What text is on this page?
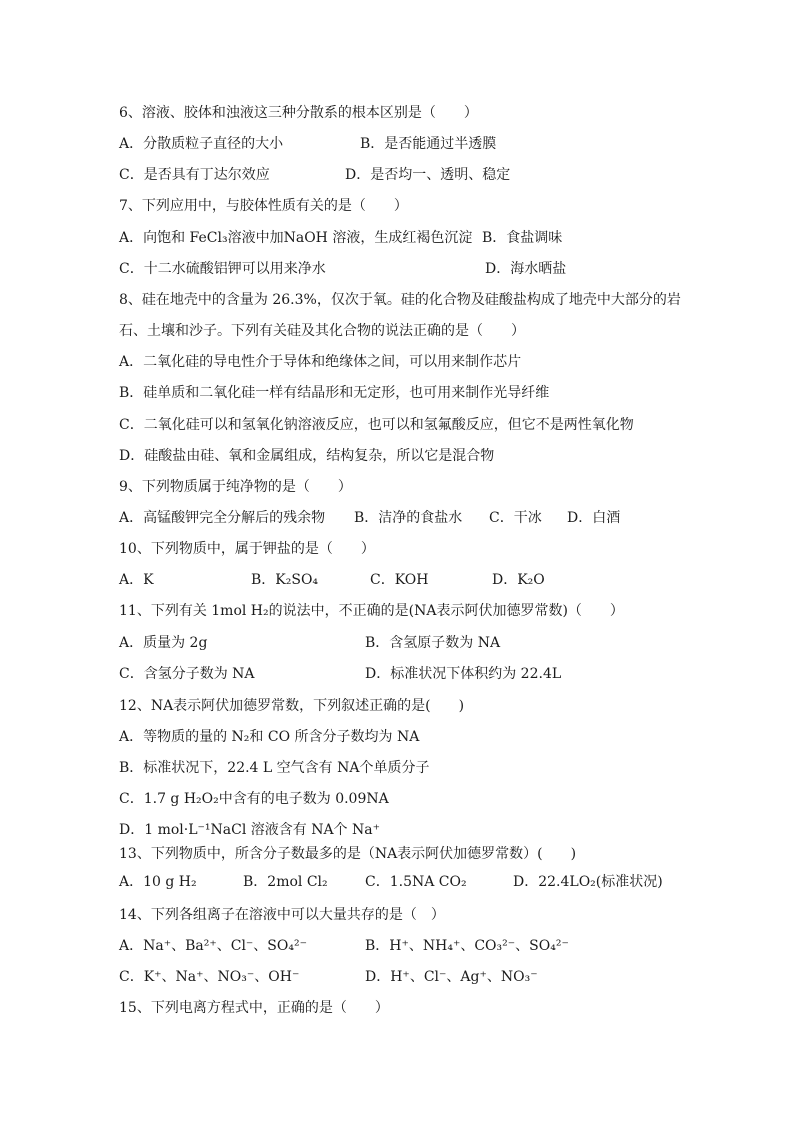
6、溶液、胶体和浊液这三种分散系的根本区别是（　　）
A．分散质粒子直径的大小	B．是否能通过半透膜
C．是否具有丁达尔效应	D．是否均一、透明、稳定
7、下列应用中，与胶体性质有关的是（　　）
A．向饱和 FeCl₃溶液中加NaOH 溶液，生成红褐色沉淀 B．食盐调味
C．十二水硫酸铝钾可以用来净水	D．海水晒盐
8、硅在地壳中的含量为 26.3%，仅次于氧。硅的化合物及硅酸盐构成了地壳中大部分的岩
石、土壤和沙子。下列有关硅及其化合物的说法正确的是（　　）
A．二氧化硅的导电性介于导体和绝缘体之间，可以用来制作芯片
B．硅单质和二氧化硅一样有结晶形和无定形，也可用来制作光导纤维
C．二氧化硅可以和氢氧化钠溶液反应，也可以和氢氟酸反应，但它不是两性氧化物
D．硅酸盐由硅、氧和金属组成，结构复杂，所以它是混合物
9、下列物质属于纯净物的是（　　）
A．高锰酸钾完全分解后的残余物 B．洁净的食盐水 C．干冰 D．白酒
10、下列物质中，属于钾盐的是（　　）
A．K	B．K₂SO₄	C．KOH	D．K₂O
11、下列有关 1mol H₂的说法中，不正确的是(NA表示阿伏加德罗常数)（　　）
A．质量为 2g	B．含氢原子数为 NA
C．含氢分子数为 NA	D．标准状况下体积约为 22.4L
12、NA表示阿伏加德罗常数，下列叙述正确的是(　　)
A．等物质的量的 N₂和 CO 所含分子数均为 NA
B．标准状况下，22.4 L 空气含有 NA个单质分子
C．1.7 g H₂O₂中含有的电子数为 0.09NA
D．1 mol·L⁻¹NaCl 溶液含有 NA个 Na⁺
13、下列物质中，所含分子数最多的是（NA表示阿伏加德罗常数）(　　)
A．10 g H₂	B．2mol Cl₂	C．1.5NA CO₂	D．22.4LO₂(标准状况)
14、下列各组离子在溶液中可以大量共存的是（　）
A．Na⁺、Ba²⁺、Cl⁻、SO₄²⁻	B．H⁺、NH₄⁺、CO₃²⁻、SO₄²⁻
C．K⁺、Na⁺、NO₃⁻、OH⁻	D．H⁺、Cl⁻、Ag⁺、NO₃⁻
15、下列电离方程式中，正确的是（　　）
